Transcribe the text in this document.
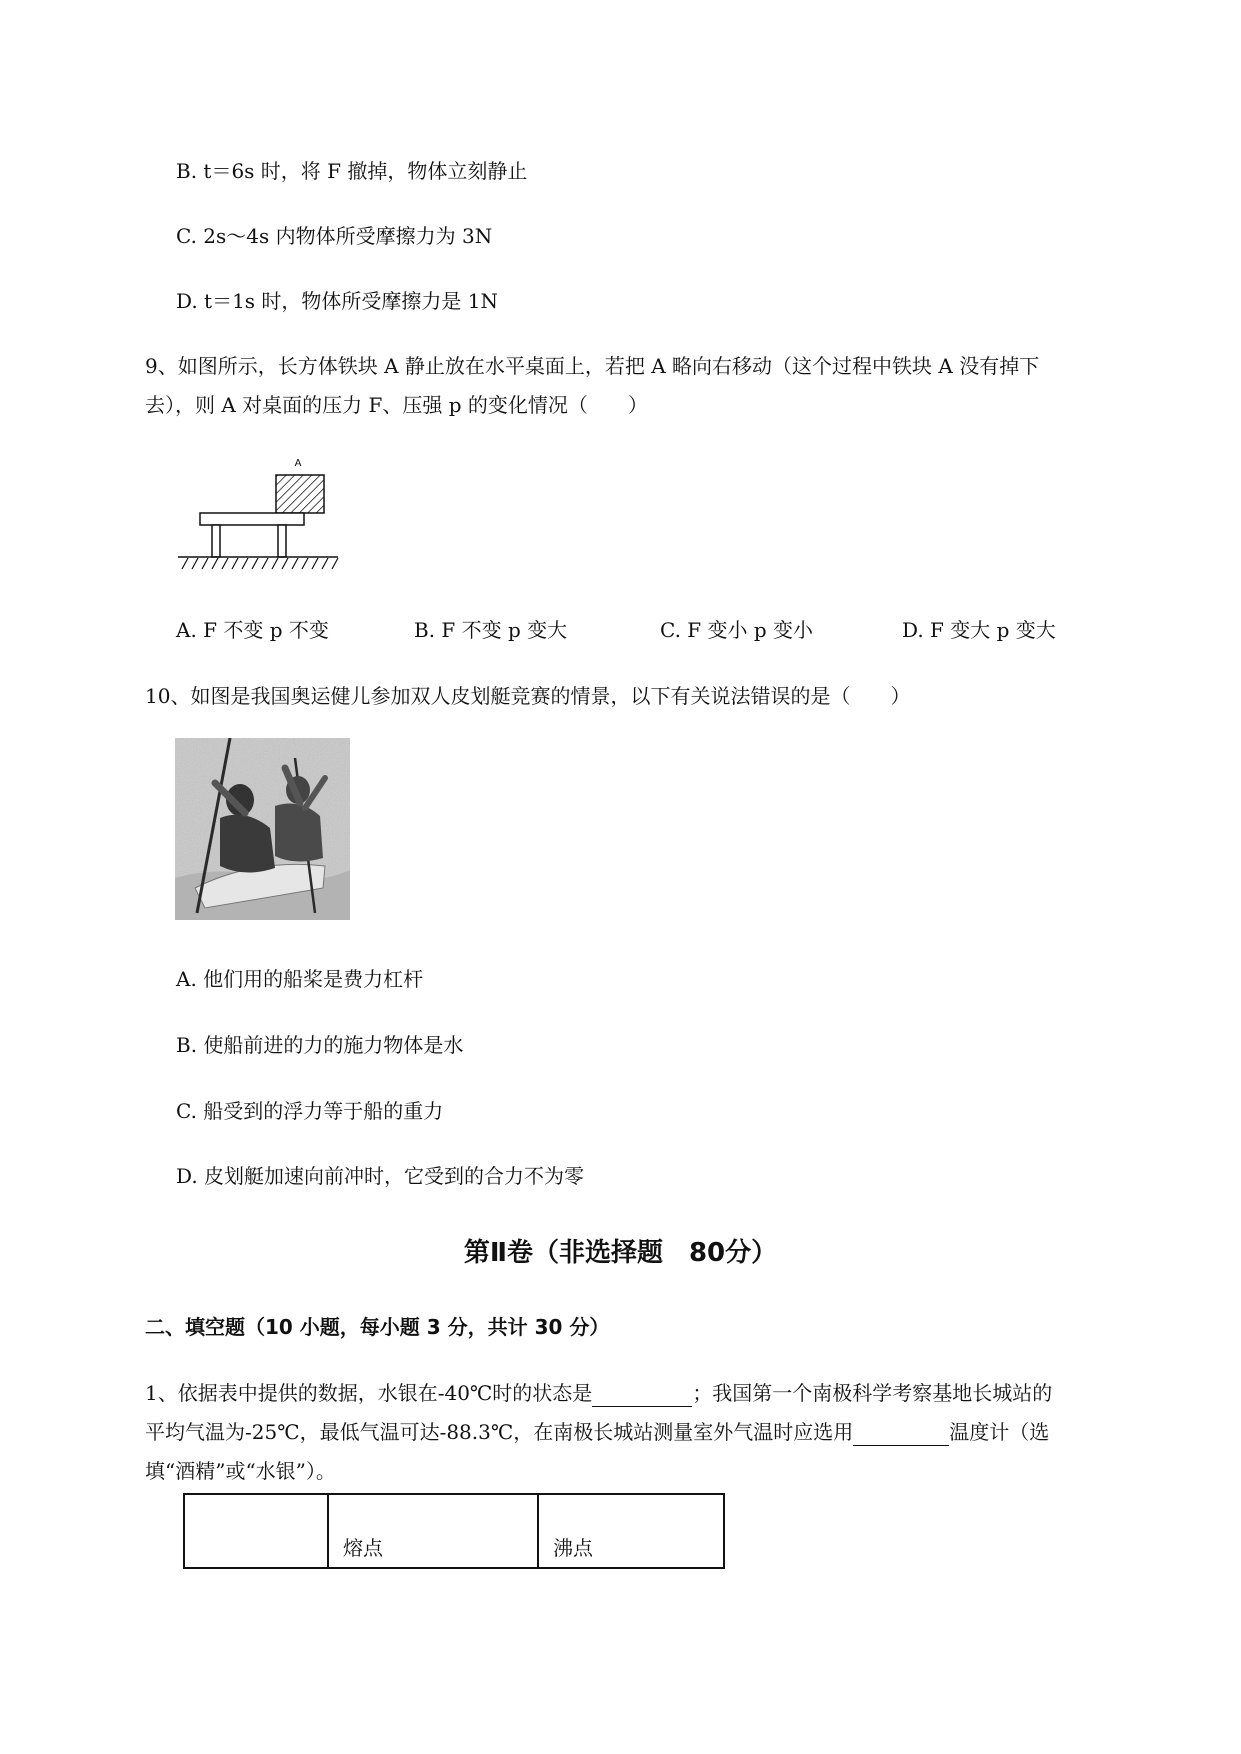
B. t＝6s 时，将 F 撤掉，物体立刻静止
C. 2s～4s 内物体所受摩擦力为 3N
D. t＝1s 时，物体所受摩擦力是 1N
9、如图所示，长方体铁块 A 静止放在水平桌面上，若把 A 略向右移动（这个过程中铁块 A 没有掉下
去），则 A 对桌面的压力 F、压强 p 的变化情况（　　）
A
A. F 不变 p 不变	B. F 不变 p 变大	C. F 变小 p 变小	D. F 变大 p 变大
10、如图是我国奥运健儿参加双人皮划艇竞赛的情景，以下有关说法错误的是（　　）
A. 他们用的船桨是费力杠杆
B. 使船前进的力的施力物体是水
C. 船受到的浮力等于船的重力
D. 皮划艇加速向前冲时，它受到的合力不为零
第Ⅱ卷（非选择题　80分）
二、填空题（10 小题，每小题 3 分，共计 30 分）
1、依据表中提供的数据，水银在-40℃时的状态是	；我国第一个南极科学考察基地长城站的
平均气温为-25℃，最低气温可达-88.3℃，在南极长城站测量室外气温时应选用	温度计（选
填“酒精”或“水银”）。
	熔点	沸点
